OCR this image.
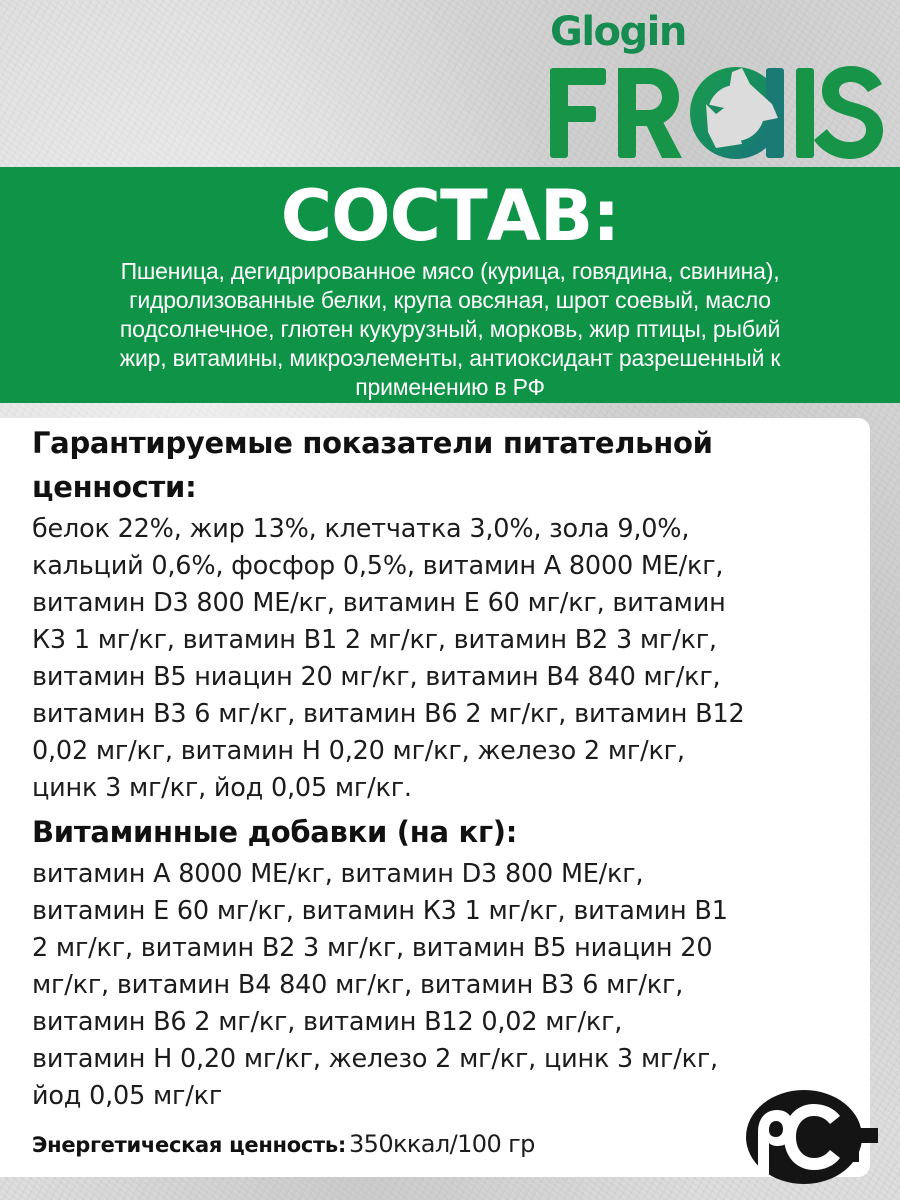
Glogin
СОСТАВ:
Пшеница, дегидрированное мясо (курица, говядина, свинина),
гидролизованные белки, крупа овсяная, шрот соевый, масло
подсолнечное, глютен кукурузный, морковь, жир птицы, рыбий
жир, витамины, микроэлементы, антиоксидант разрешенный к
применению в РФ
Гарантируемые показатели питательной
ценности:
белок 22%, жир 13%, клетчатка 3,0%, зола 9,0%,
кальций 0,6%, фосфор 0,5%, витамин А 8000 МЕ/кг,
витамин D3 800 МЕ/кг, витамин Е 60 мг/кг, витамин
К3 1 мг/кг, витамин В1 2 мг/кг, витамин В2 3 мг/кг,
витамин В5 ниацин 20 мг/кг, витамин В4 840 мг/кг,
витамин В3 6 мг/кг, витамин В6 2 мг/кг, витамин В12
0,02 мг/кг, витамин Н 0,20 мг/кг, железо 2 мг/кг,
цинк 3 мг/кг, йод 0,05 мг/кг.
Витаминные добавки (на кг):
витамин А 8000 МЕ/кг, витамин D3 800 МЕ/кг,
витамин Е 60 мг/кг, витамин К3 1 мг/кг, витамин В1
2 мг/кг, витамин В2 3 мг/кг, витамин В5 ниацин 20
мг/кг, витамин В4 840 мг/кг, витамин В3 6 мг/кг,
витамин В6 2 мг/кг, витамин В12 0,02 мг/кг,
витамин Н 0,20 мг/кг, железо 2 мг/кг, цинк 3 мг/кг,
йод 0,05 мг/кг
Энергетическая ценность: 350ккал/100 гр
